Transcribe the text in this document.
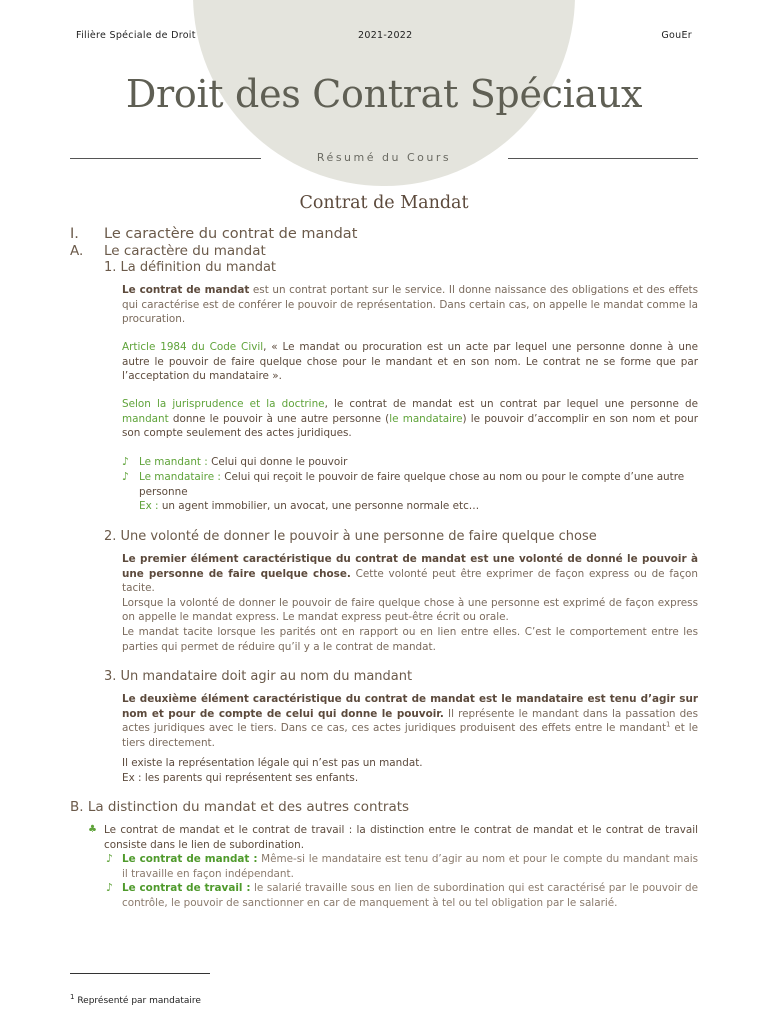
Filière Spéciale de Droit	2021-2022	GouEr
Droit des Contrat Spéciaux
Résumé du Cours
Contrat de Mandat
I. Le caractère du contrat de mandat
A. Le caractère du mandat
1. La définition du mandat
Le contrat de mandat est un contrat portant sur le service. Il donne naissance des obligations et des effets qui caractérise est de conférer le pouvoir de représentation. Dans certain cas, on appelle le mandat comme la procuration.
Article 1984 du Code Civil, « Le mandat ou procuration est un acte par lequel une personne donne à une autre le pouvoir de faire quelque chose pour le mandant et en son nom. Le contrat ne se forme que par l’acceptation du mandataire ».
Selon la jurisprudence et la doctrine, le contrat de mandat est un contrat par lequel une personne de mandant donne le pouvoir à une autre personne (le mandataire) le pouvoir d’accomplir en son nom et pour son compte seulement des actes juridiques.
♪ Le mandant : Celui qui donne le pouvoir
♪ Le mandataire : Celui qui reçoit le pouvoir de faire quelque chose au nom ou pour le compte d’une autre personne
Ex : un agent immobilier, un avocat, une personne normale etc…
2. Une volonté de donner le pouvoir à une personne de faire quelque chose
Le premier élément caractéristique du contrat de mandat est une volonté de donné le pouvoir à une personne de faire quelque chose. Cette volonté peut être exprimer de façon express ou de façon tacite.
Lorsque la volonté de donner le pouvoir de faire quelque chose à une personne est exprimé de façon express on appelle le mandat express. Le mandat express peut-être écrit ou orale.
Le mandat tacite lorsque les parités ont en rapport ou en lien entre elles. C’est le comportement entre les parties qui permet de réduire qu’il y a le contrat de mandat.
3. Un mandataire doit agir au nom du mandant
Le deuxième élément caractéristique du contrat de mandat est le mandataire est tenu d’agir sur nom et pour de compte de celui qui donne le pouvoir. Il représente le mandant dans la passation des actes juridiques avec le tiers. Dans ce cas, ces actes juridiques produisent des effets entre le mandant$^1$ et le tiers directement.
Il existe la représentation légale qui n’est pas un mandat.
Ex : les parents qui représentent ses enfants.
B. La distinction du mandat et des autres contrats
♣ Le contrat de mandat et le contrat de travail : la distinction entre le contrat de mandat et le contrat de travail consiste dans le lien de subordination.
♪ Le contrat de mandat : Même-si le mandataire est tenu d’agir au nom et pour le compte du mandant mais il travaille en façon indépendant.
♪ Le contrat de travail : le salarié travaille sous en lien de subordination qui est caractérisé par le pouvoir de contrôle, le pouvoir de sanctionner en car de manquement à tel ou tel obligation par le salarié.
$^1$ Représenté par mandataire
